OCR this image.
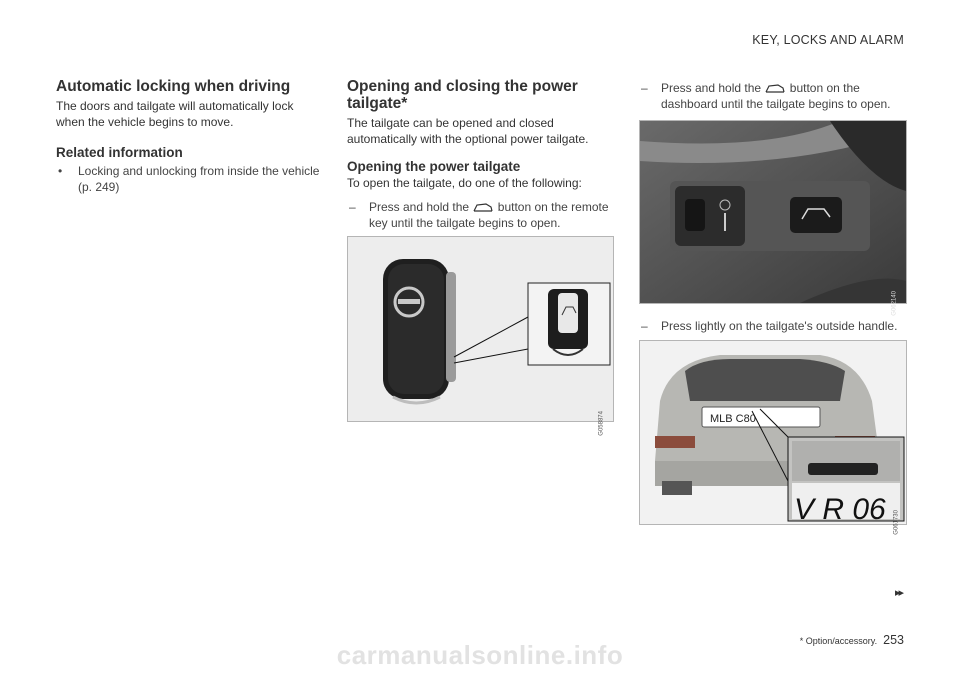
KEY, LOCKS AND ALARM
Automatic locking when driving

The doors and tailgate will automatically lock when the vehicle begins to move.

Related information
• Locking and unlocking from inside the vehicle (p. 249)
Opening and closing the power tailgate*

The tailgate can be opened and closed automatically with the optional power tailgate.

Opening the power tailgate

To open the tailgate, do one of the following:

– Press and hold the button on the remote key until the tailgate begins to open.
G058874
– Press and hold the button on the dashboard until the tailgate begins to open.
G062140
– Press lightly on the tailgate's outside handle.
MLB C80
V R 06 G061730
▸▸
* Option/accessory. 253
carmanualsonline.info
